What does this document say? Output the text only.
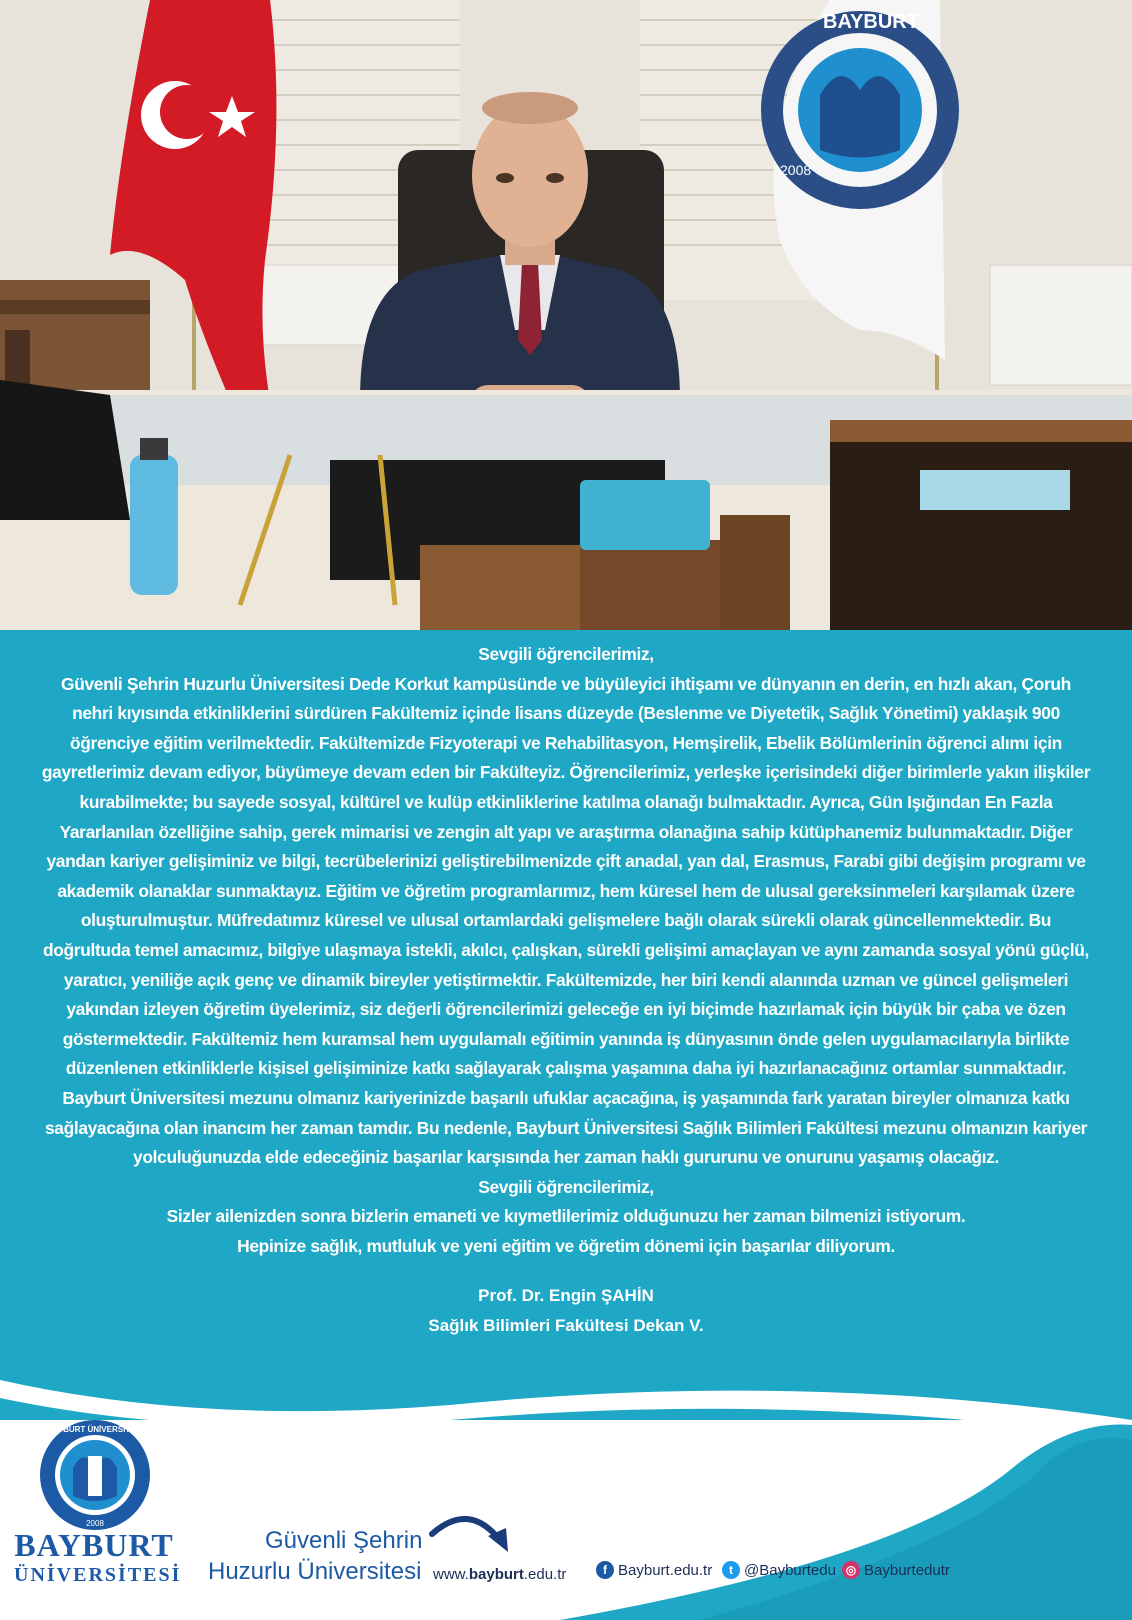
BAYBURT
2008

Sevgili öğrencilerimiz,

Güvenli Şehrin Huzurlu Üniversitesi Dede Korkut kampüsünde ve büyüleyici ihtişamı ve dünyanın en derin, en hızlı akan, Çoruh nehri kıyısında etkinliklerini sürdüren Fakültemiz içinde lisans düzeyde (Beslenme ve Diyetetik, Sağlık Yönetimi) yaklaşık 900 öğrenciye eğitim verilmektedir. Fakültemizde Fizyoterapi ve Rehabilitasyon, Hemşirelik, Ebelik Bölümlerinin öğrenci alımı için gayretlerimiz devam ediyor, büyümeye devam eden bir Fakülteyiz. Öğrencilerimiz, yerleşke içerisindeki diğer birimlerle yakın ilişkiler kurabilmekte; bu sayede sosyal, kültürel ve kulüp etkinliklerine katılma olanağı bulmaktadır. Ayrıca, Gün Işığından En Fazla Yararlanılan özelliğine sahip, gerek mimarisi ve zengin alt yapı ve araştırma olanağına sahip kütüphanemiz bulunmaktadır. Diğer yandan kariyer gelişiminiz ve bilgi, tecrübelerinizi geliştirebilmenizde çift anadal, yan dal, Erasmus, Farabi gibi değişim programı ve akademik olanaklar sunmaktayız. Eğitim ve öğretim programlarımız, hem küresel hem de ulusal gereksinmeleri karşılamak üzere oluşturulmuştur. Müfredatımız küresel ve ulusal ortamlardaki gelişmelere bağlı olarak sürekli olarak güncellenmektedir. Bu doğrultuda temel amacımız, bilgiye ulaşmaya istekli, akılcı, çalışkan, sürekli gelişimi amaçlayan ve aynı zamanda sosyal yönü güçlü, yaratıcı, yeniliğe açık genç ve dinamik bireyler yetiştirmektir. Fakültemizde, her biri kendi alanında uzman ve güncel gelişmeleri yakından izleyen öğretim üyelerimiz, siz değerli öğrencilerimizi geleceğe en iyi biçimde hazırlamak için büyük bir çaba ve özen göstermektedir. Fakültemiz hem kuramsal hem uygulamalı eğitimin yanında iş dünyasının önde gelen uygulamacılarıyla birlikte düzenlenen etkinliklerle kişisel gelişiminize katkı sağlayarak çalışma yaşamına daha iyi hazırlanacağınız ortamlar sunmaktadır. Bayburt Üniversitesi mezunu olmanız kariyerinizde başarılı ufuklar açacağına, iş yaşamında fark yaratan bireyler olmanıza katkı sağlayacağına olan inancım her zaman tamdır. Bu nedenle, Bayburt Üniversitesi Sağlık Bilimleri Fakültesi mezunu olmanızın kariyer yolculuğunuzda elde edeceğiniz başarılar karşısında her zaman haklı gururunu ve onurunu yaşamış olacağız.

Sevgili öğrencilerimiz,

Sizler ailenizden sonra bizlerin emaneti ve kıymetlilerimiz olduğunuzu her zaman bilmenizi istiyorum.

Hepinize sağlık, mutluluk ve yeni eğitim ve öğretim dönemi için başarılar diliyorum.

Prof. Dr. Engin ŞAHİN
Sağlık Bilimleri Fakültesi Dekan V.
BAYBURT ÜNİVERSİTESİ
2008
BAYBURT
ÜNİVERSİTESİ
Güvenli Şehrin
Huzurlu Üniversitesi www.bayburt.edu.tr	f Bayburt.edu.tr	t @Bayburtedu ◎ Bayburtedutr
